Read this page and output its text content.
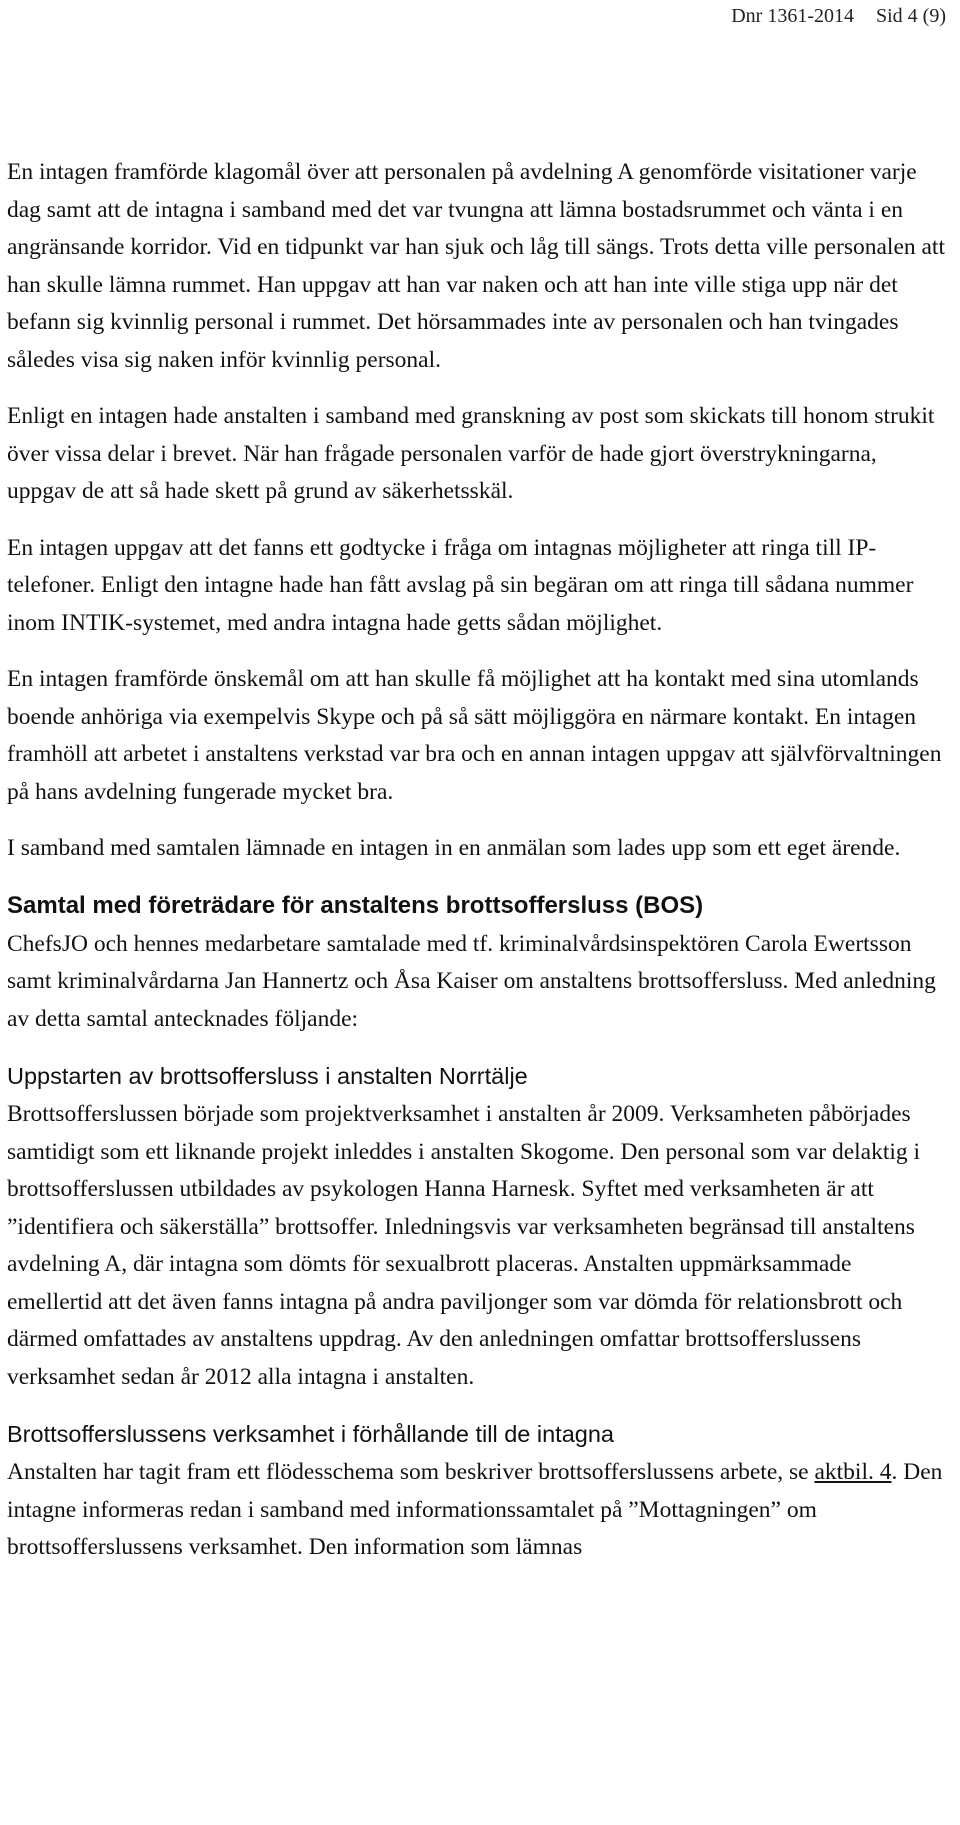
Dnr 1361-2014 Sid 4 (9)

En intagen framförde klagomål över att personalen på avdelning A genomförde visitationer varje dag samt att de intagna i samband med det var tvungna att lämna bostadsrummet och vänta i en angränsande korridor. Vid en tidpunkt var han sjuk och låg till sängs. Trots detta ville personalen att han skulle lämna rummet. Han uppgav att han var naken och att han inte ville stiga upp när det befann sig kvinnlig personal i rummet. Det hörsammades inte av personalen och han tvingades således visa sig naken inför kvinnlig personal.

Enligt en intagen hade anstalten i samband med granskning av post som skickats till honom strukit över vissa delar i brevet. När han frågade personalen varför de hade gjort överstrykningarna, uppgav de att så hade skett på grund av säkerhetsskäl.

En intagen uppgav att det fanns ett godtycke i fråga om intagnas möjligheter att ringa till IP-telefoner. Enligt den intagne hade han fått avslag på sin begäran om att ringa till sådana nummer inom INTIK-systemet, med andra intagna hade getts sådan möjlighet.

En intagen framförde önskemål om att han skulle få möjlighet att ha kontakt med sina utomlands boende anhöriga via exempelvis Skype och på så sätt möjliggöra en närmare kontakt. En intagen framhöll att arbetet i anstaltens verkstad var bra och en annan intagen uppgav att självförvaltningen på hans avdelning fungerade mycket bra.

I samband med samtalen lämnade en intagen in en anmälan som lades upp som ett eget ärende.

Samtal med företrädare för anstaltens brottsoffersluss (BOS)

ChefsJO och hennes medarbetare samtalade med tf. kriminalvårdsinspektören Carola Ewertsson samt kriminalvårdarna Jan Hannertz och Åsa Kaiser om anstaltens brottsoffersluss. Med anledning av detta samtal antecknades följande:

Uppstarten av brottsoffersluss i anstalten Norrtälje

Brottsofferslussen började som projektverksamhet i anstalten år 2009. Verksamheten påbörjades samtidigt som ett liknande projekt inleddes i anstalten Skogome. Den personal som var delaktig i brottsofferslussen utbildades av psykologen Hanna Harnesk. Syftet med verksamheten är att ”identifiera och säkerställa” brottsoffer. Inledningsvis var verksamheten begränsad till anstaltens avdelning A, där intagna som dömts för sexualbrott placeras. Anstalten uppmärksammade emellertid att det även fanns intagna på andra paviljonger som var dömda för relationsbrott och därmed omfattades av anstaltens uppdrag. Av den anledningen omfattar brottsofferslussens verksamhet sedan år 2012 alla intagna i anstalten.

Brottsofferslussens verksamhet i förhållande till de intagna

Anstalten har tagit fram ett flödesschema som beskriver brottsofferslussens arbete, se aktbil. 4. Den intagne informeras redan i samband med informationssamtalet på ”Mottagningen” om brottsofferslussens verksamhet. Den information som lämnas
